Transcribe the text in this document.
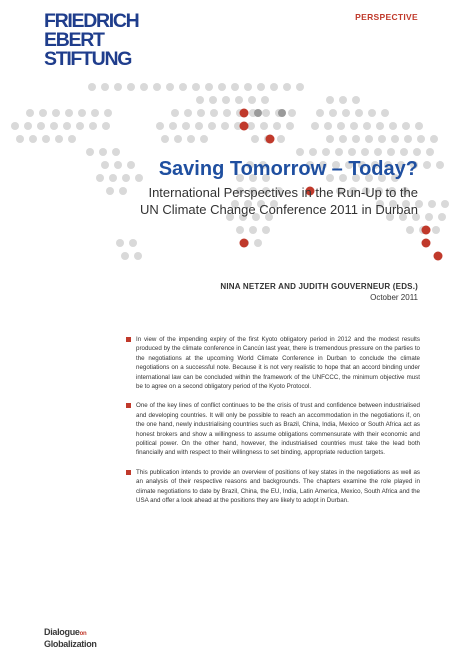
FRIEDRICH
EBERT
STIFTUNG
PERSPECTIVE
Saving Tomorrow – Today?
International Perspectives in the Run-Up to the
UN Climate Change Conference 2011 in Durban
NINA NETZER AND JUDITH GOUVERNEUR (EDS.)
October 2011

In view of the impending expiry of the first Kyoto obligatory period in 2012 and the modest results produced by the climate conference in Cancún last year, there is tremendous pressure on the parties to the negotiations at the upcoming World Climate Conference in Durban to conclude the climate negotiations on a successful note. Because it is not very realistic to hope that an accord binding under international law can be concluded within the framework of the UNFCCC, the minimum objective must be to agree on a second obligatory period of the Kyoto Protocol.

One of the key lines of conflict continues to be the crisis of trust and confidence between industrialised and developing countries. It will only be possible to reach an accommodation in the negotiations if, on the one hand, newly industrialising countries such as Brazil, China, India, Mexico or South Africa act as honest brokers and show a willingness to assume obligations commensurate with their economic and political power. On the other hand, however, the industrialised countries must take the lead both financially and with respect to their willingness to set binding, appropriate reduction targets.

This publication intends to provide an overview of positions of key states in the negotiations as well as an analysis of their respective reasons and backgrounds. The chapters examine the role played in climate negotiations to date by Brazil, China, the EU, India, Latin America, Mexico, South Africa and the USA and offer a look ahead at the positions they are likely to adopt in Durban.

Dialogueon
Globalization
